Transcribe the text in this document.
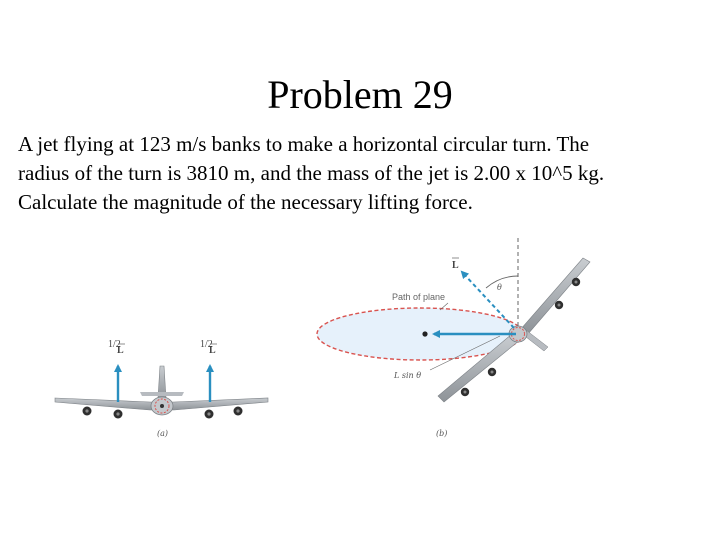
Problem 29
A jet flying at 123 m/s banks to make a horizontal circular turn. The
radius of the turn is 3810 m, and the mass of the jet is 2.00 x 10^5 kg.
Calculate the magnitude of the necessary lifting force.
1/2
L
1/2
L
(a)
L
θ
Path of plane
L sin θ
(b)
